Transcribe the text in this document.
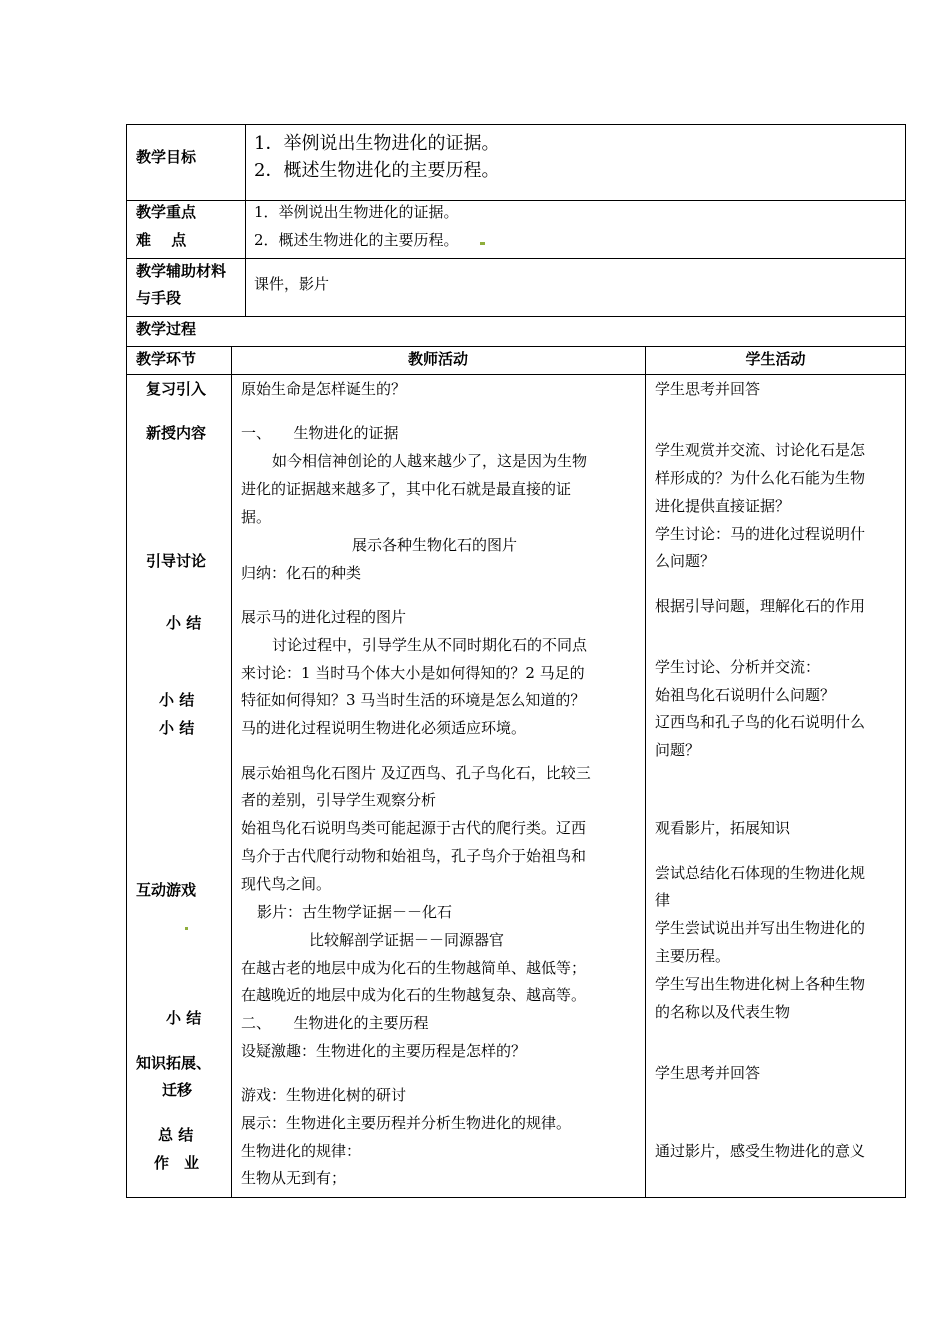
教学目标
1．举例说出生物进化的证据。
2．概述生物进化的主要历程。
教学重点
难　 点
1．举例说出生物进化的证据。
2．概述生物进化的主要历程。
教学辅助材料
与手段
课件，影片
教学过程
教学环节	教师活动	学生活动
复习引入
新授内容
引导讨论
小 结
小 结
小 结
互动游戏
小 结
知识拓展、
迁移
总 结
作　业
原始生命是怎样诞生的？
一、　　生物进化的证据
如今相信神创论的人越来越少了，这是因为生物
进化的证据越来越多了，其中化石就是最直接的证
据。
展示各种生物化石的图片
归纳：化石的种类
展示马的进化过程的图片
讨论过程中，引导学生从不同时期化石的不同点
来讨论：1 当时马个体大小是如何得知的？2 马足的
特征如何得知？3 马当时生活的环境是怎么知道的？
马的进化过程说明生物进化必须适应环境。
展示始祖鸟化石图片 及辽西鸟、孔子鸟化石，比较三
者的差别，引导学生观察分析
始祖鸟化石说明鸟类可能起源于古代的爬行类。辽西
鸟介于古代爬行动物和始祖鸟，孔子鸟介于始祖鸟和
现代鸟之间。
影片：古生物学证据－－化石
比较解剖学证据－－同源器官
在越古老的地层中成为化石的生物越简单、越低等；
在越晚近的地层中成为化石的生物越复杂、越高等。
二、　　生物进化的主要历程
设疑激趣：生物进化的主要历程是怎样的？
游戏：生物进化树的研讨
展示：生物进化主要历程并分析生物进化的规律。
生物进化的规律：
生物从无到有；
学生思考并回答
学生观赏并交流、讨论化石是怎
样形成的？为什么化石能为生物
进化提供直接证据？
学生讨论：马的进化过程说明什
么问题？
根据引导问题，理解化石的作用
学生讨论、分析并交流：
始祖鸟化石说明什么问题？
辽西鸟和孔子鸟的化石说明什么
问题？
观看影片，拓展知识
尝试总结化石体现的生物进化规
律
学生尝试说出并写出生物进化的
主要历程。
学生写出生物进化树上各种生物
的名称以及代表生物
学生思考并回答
通过影片，感受生物进化的意义
